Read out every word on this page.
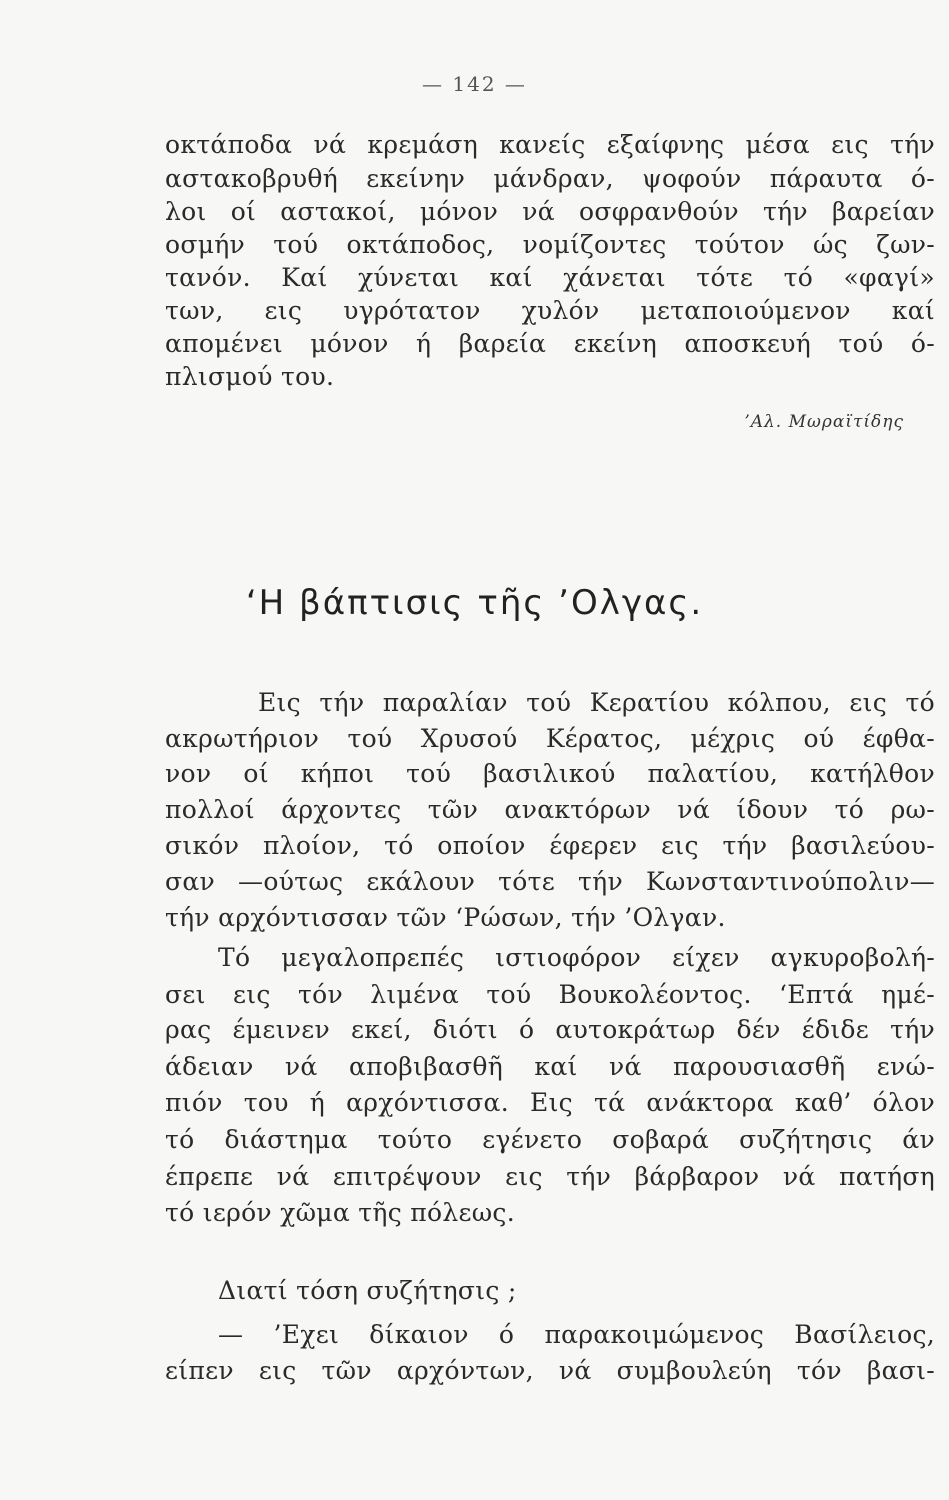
— 142 —
οκτάποδα νά κρεμάση κανείς εξαίφνης μέσα εις τήν
αστακοβρυθή εκείνην μάνδραν, ψοφούν πάραυτα ό-
λοι οί αστακοί, μόνον νά οσφρανθούν τήν βαρείαν
οσμήν τού οκτάποδος, νομίζοντες τούτον ώς ζων-
τανόν. Καί χύνεται καί χάνεται τότε τό «φαγί»
των, εις υγρότατον χυλόν μεταποιούμενον καί
απομένει μόνον ή βαρεία εκείνη αποσκευή τού ό-
πλισμού του.
’Αλ. Μωραϊτίδης
‘Η βάπτισις τῆς ’Ολγας.
Εις τήν παραλίαν τού Κερατίου κόλπου, εις τό
ακρωτήριον τού Χρυσού Κέρατος, μέχρις ού έφθα-
νον οί κήποι τού βασιλικού παλατίου, κατήλθον
πολλοί άρχοντες τῶν ανακτόρων νά ίδουν τό ρω-
σικόν πλοίον, τό οποίον έφερεν εις τήν βασιλεύου-
σαν —ούτως εκάλουν τότε τήν Κωνσταντινούπολιν—
τήν αρχόντισσαν τῶν ‘Ρώσων, τήν ’Ολγαν.
Τό μεγαλοπρεπές ιστιοφόρον είχεν αγκυροβολή-
σει εις τόν λιμένα τού Βουκολέοντος. ‘Επτά ημέ-
ρας έμεινεν εκεί, διότι ό αυτοκράτωρ δέν έδιδε τήν
άδειαν νά αποβιβασθῆ καί νά παρουσιασθῆ ενώ-
πιόν του ή αρχόντισσα. Εις τά ανάκτορα καθ’ όλον
τό διάστημα τούτο εγένετο σοβαρά συζήτησις άν
έπρεπε νά επιτρέψουν εις τήν βάρβαρον νά πατήση
τό ιερόν χῶμα τῆς πόλεως.
Διατί τόση συζήτησις ;
— ’Εχει δίκαιον ό παρακοιμώμενος Βασίλειος,
είπεν εις τῶν αρχόντων, νά συμβουλεύη τόν βασι-
